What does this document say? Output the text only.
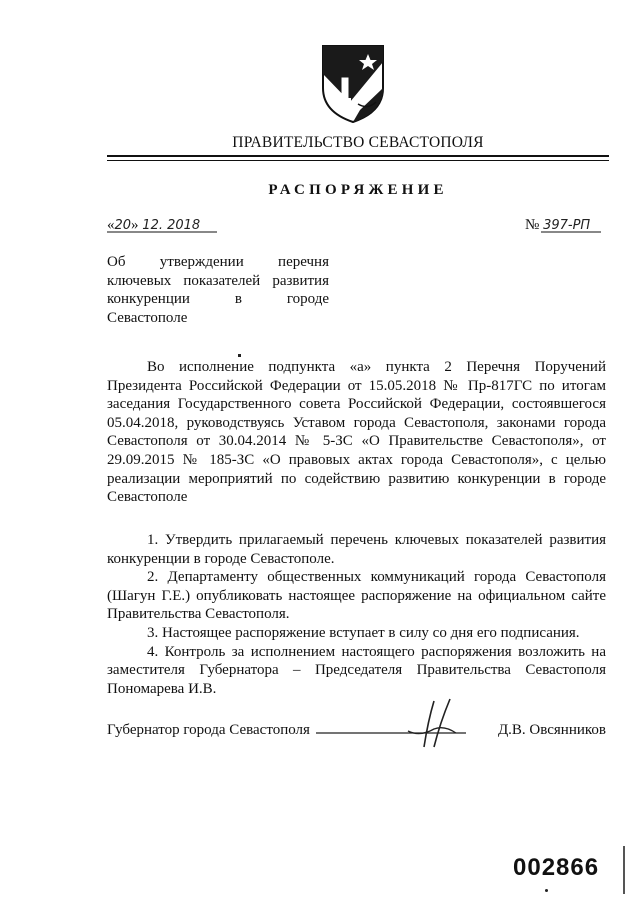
ПРАВИТЕЛЬСТВО СЕВАСТОПОЛЯ
РАСПОРЯЖЕНИЕ
«20» 12. 2018	№ 397-РП
Об утверждении перечня
ключевых показателей развития
конкуренции в городе
Севастополе
Во исполнение подпункта «а» пункта 2 Перечня Поручений Президента Российской Федерации от 15.05.2018 № Пр-817ГС по итогам заседания Государственного совета Российской Федерации, состоявшегося 05.04.2018, руководствуясь Уставом города Севастополя, законами города Севастополя от 30.04.2014 № 5-ЗС «О Правительстве Севастополя», от 29.09.2015 № 185-ЗС «О правовых актах города Севастополя», с целью реализации мероприятий по содействию развитию конкуренции в городе Севастополе

1. Утвердить прилагаемый перечень ключевых показателей развития конкуренции в городе Севастополе.

2. Департаменту общественных коммуникаций города Севастополя (Шагун Г.Е.) опубликовать настоящее распоряжение на официальном сайте Правительства Севастополя.

3. Настоящее распоряжение вступает в силу со дня его подписания.

4. Контроль за исполнением настоящего распоряжения возложить на заместителя Губернатора – Председателя Правительства Севастополя Пономарева И.В.

Губернатор города Севастополя	Д.В. Овсянников
002866
